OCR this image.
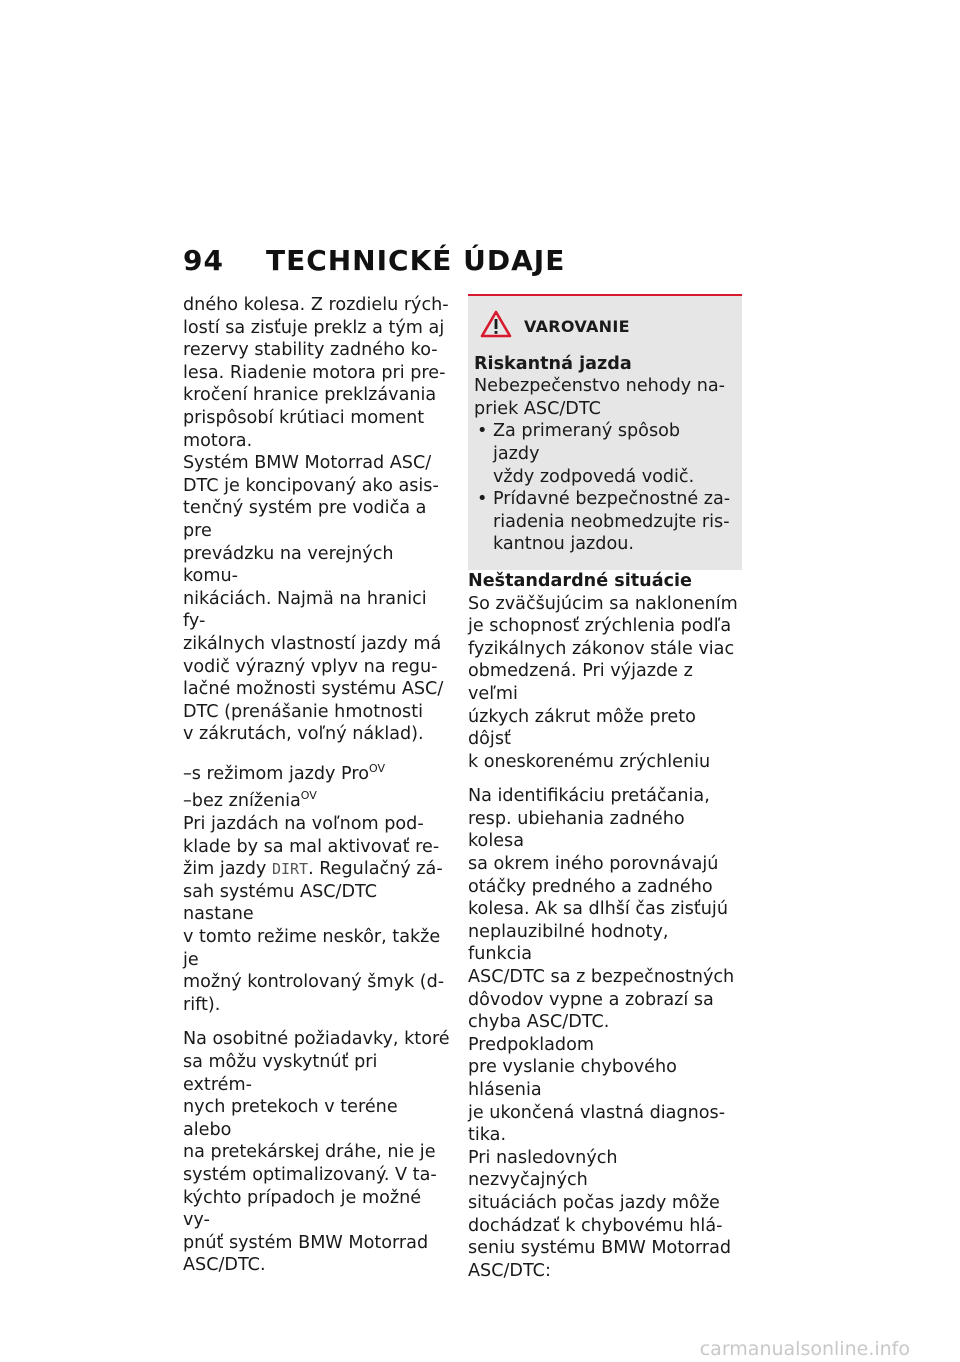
94 TECHNICKÉ ÚDAJE

dného kolesa. Z rozdielu rých-
lostí sa zisťuje preklz a tým aj
rezervy stability zadného ko-
lesa. Riadenie motora pri pre-
kročení hranice preklzávania
prispôsobí krútiaci moment
motora.

Systém BMW Motorrad ASC/
DTC je koncipovaný ako asis-
tenčný systém pre vodiča a pre
prevádzku na verejných komu-
nikáciách. Najmä na hranici fy-
zikálnych vlastností jazdy má
vodič výrazný vplyv na regu-
lačné možnosti systému ASC/
DTC (prenášanie hmotnosti
v zákrutách, voľný náklad).

–s režimom jazdy Pro$^{OV}$

–bez zníženia$^{OV}$

Pri jazdách na voľnom pod-
klade by sa mal aktivovať re-
žim jazdy DIRT. Regulačný zá-
sah systému ASC/DTC nastane
v tomto režime neskôr, takže je
možný kontrolovaný šmyk (d-
rift).

Na osobitné požiadavky, ktoré
sa môžu vyskytnúť pri extrém-
nych pretekoch v teréne alebo
na pretekárskej dráhe, nie je
systém optimalizovaný. V ta-
kýchto prípadoch je možné vy-
pnúť systém BMW Motorrad
ASC/DTC.

VAROVANIE

Riskantná jazda

Nebezpečenstvo nehody na-
priek ASC/DTC

• Za primeraný spôsob jazdy
vždy zodpovedá vodič.
• Prídavné bezpečnostné za-
riadenia neobmedzujte ris-
kantnou jazdou.

Neštandardné situácie

So zväčšujúcim sa naklonením
je schopnosť zrýchlenia podľa
fyzikálnych zákonov stále viac
obmedzená. Pri výjazde z veľmi
úzkych zákrut môže preto dôjsť
k oneskorenému zrýchleniu

Na identifikáciu pretáčania,
resp. ubiehania zadného kolesa
sa okrem iného porovnávajú
otáčky predného a zadného
kolesa. Ak sa dlhší čas zisťujú
neplauzibilné hodnoty, funkcia
ASC/DTC sa z bezpečnostných
dôvodov vypne a zobrazí sa
chyba ASC/DTC. Predpokladom
pre vyslanie chybového hlásenia
je ukončená vlastná diagnos-
tika.

Pri nasledovných nezvyčajných
situáciách počas jazdy môže
dochádzať k chybovému hlá-
seniu systému BMW Motorrad
ASC/DTC:

carmanualsonline.info
